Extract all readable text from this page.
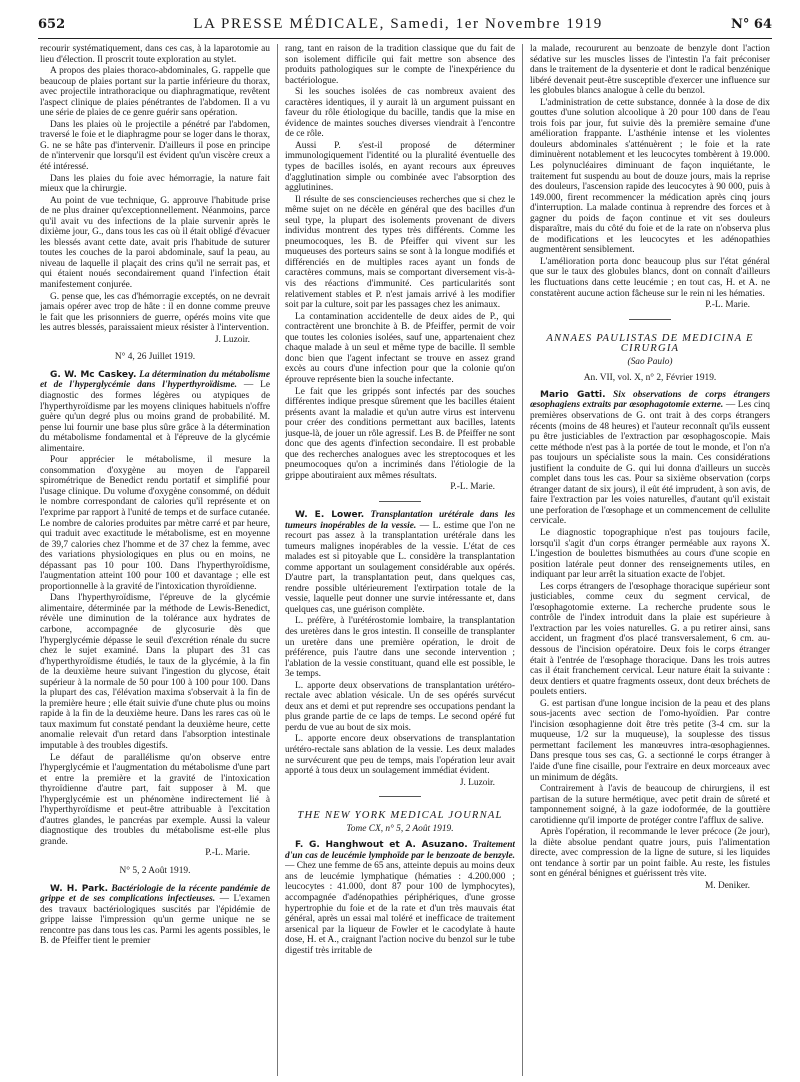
652	LA PRESSE MÉDICALE, Samedi, 1er Novembre 1919	N° 64

recourir systématiquement, dans ces cas, à la laparotomie au lieu d'élection. Il proscrit toute exploration au stylet.

A propos des plaies thoraco-abdominales, G. rappelle que beaucoup de plaies portant sur la partie inférieure du thorax, avec projectile intrathoracique ou diaphragmatique, revêtent l'aspect clinique de plaies pénétrantes de l'abdomen. Il a vu une série de plaies de ce genre guérir sans opération.

Dans les plaies où le projectile a pénétré par l'abdomen, traversé le foie et le diaphragme pour se loger dans le thorax, G. ne se hâte pas d'intervenir. D'ailleurs il pose en principe de n'intervenir que lorsqu'il est évident qu'un viscère creux a été intéressé.

Dans les plaies du foie avec hémorragie, la nature fait mieux que la chirurgie.

Au point de vue technique, G. approuve l'habitude prise de ne plus drainer qu'exceptionnellement. Néanmoins, parce qu'il avait vu des infections de la plaie survenir après le dixième jour, G., dans tous les cas où il était obligé d'évacuer les blessés avant cette date, avait pris l'habitude de suturer toutes les couches de la paroi abdominale, sauf la peau, au niveau de laquelle il plaçait des crins qu'il ne serrait pas, et qui étaient noués secondairement quand l'infection était manifestement conjurée.

G. pense que, les cas d'hémorragie exceptés, on ne devrait jamais opérer avec trop de hâte : il en donne comme preuve le fait que les prisonniers de guerre, opérés moins vite que les autres blessés, paraissaient mieux résister à l'intervention.

J. Luzoir.

N° 4, 26 Juillet 1919.

G. W. Mc Caskey. La détermination du métabolisme et de l'hyperglycémie dans l'hyperthyroïdisme. — Le diagnostic des formes légères ou atypiques de l'hyperthyroïdisme par les moyens cliniques habituels n'offre guère qu'un degré plus ou moins grand de probabilité. M. pense lui fournir une base plus sûre grâce à la détermination du métabolisme fondamental et à l'épreuve de la glycémie alimentaire.

Pour apprécier le métabolisme, il mesure la consommation d'oxygène au moyen de l'appareil spirométrique de Benedict rendu portatif et simplifié pour l'usage clinique. Du volume d'oxygène consommé, on déduit le nombre correspondant de calories qu'il représente et on l'exprime par rapport à l'unité de temps et de surface cutanée. Le nombre de calories produites par mètre carré et par heure, qui traduit avec exactitude le métabolisme, est en moyenne de 39,7 calories chez l'homme et de 37 chez la femme, avec des variations physiologiques en plus ou en moins, ne dépassant pas 10 pour 100. Dans l'hyperthyroïdisme, l'augmentation atteint 100 pour 100 et davantage ; elle est proportionnelle à la gravité de l'intoxication thyroïdienne.

Dans l'hyperthyroïdisme, l'épreuve de la glycémie alimentaire, déterminée par la méthode de Lewis-Benedict, révèle une diminution de la tolérance aux hydrates de carbone, accompagnée de glycosurie dès que l'hyperglycémie dépasse le seuil d'excrétion rénale du sucre chez le sujet examiné. Dans la plupart des 31 cas d'hyperthyroïdisme étudiés, le taux de la glycémie, à la fin de la deuxième heure suivant l'ingestion du glycose, était supérieur à la normale de 50 pour 100 à 100 pour 100. Dans la plupart des cas, l'élévation maxima s'observait à la fin de la première heure ; elle était suivie d'une chute plus ou moins rapide à la fin de la deuxième heure. Dans les rares cas où le taux maximum fut constaté pendant la deuxième heure, cette anomalie relevait d'un retard dans l'absorption intestinale imputable à des troubles digestifs.

Le défaut de parallélisme qu'on observe entre l'hyperglycémie et l'augmentation du métabolisme d'une part et entre la première et la gravité de l'intoxication thyroïdienne d'autre part, fait supposer à M. que l'hyperglycémie est un phénomène indirectement lié à l'hyperthyroïdisme et peut-être attribuable à l'excitation d'autres glandes, le pancréas par exemple. Aussi la valeur diagnostique des troubles du métabolisme est-elle plus grande.

P.-L. Marie.

N° 5, 2 Août 1919.

W. H. Park. Bactériologie de la récente pandémie de grippe et de ses complications infectieuses. — L'examen des travaux bactériologiques suscités par l'épidémie de grippe laisse l'impression qu'un germe unique ne se rencontre pas dans tous les cas. Parmi les agents possibles, le B. de Pfeiffer tient le premier

rang, tant en raison de la tradition classique que du fait de son isolement difficile qui fait mettre son absence des produits pathologiques sur le compte de l'inexpérience du bactériologue.

Si les souches isolées de cas nombreux avaient des caractères identiques, il y aurait là un argument puissant en faveur du rôle étiologique du bacille, tandis que la mise en évidence de maintes souches diverses viendrait à l'encontre de ce rôle.

Aussi P. s'est-il proposé de déterminer immunologiquement l'identité ou la pluralité éventuelle des types de bacilles isolés, en ayant recours aux épreuves d'agglutination simple ou combinée avec l'absorption des agglutinines.

Il résulte de ses consciencieuses recherches que si chez le même sujet on ne décèle en général que des bacilles d'un seul type, la plupart des isolements provenant de divers individus montrent des types très différents. Comme les pneumocoques, les B. de Pfeiffer qui vivent sur les muqueuses des porteurs sains se sont à la longue modifiés et différenciés en de multiples races ayant un fonds de caractères communs, mais se comportant diversement vis-à-vis des réactions d'immunité. Ces particularités sont relativement stables et P. n'est jamais arrivé à les modifier soit par la culture, soit par les passages chez les animaux.

La contamination accidentelle de deux aides de P., qui contractèrent une bronchite à B. de Pfeiffer, permit de voir que toutes les colonies isolées, sauf une, appartenaient chez chaque malade à un seul et même type de bacille. Il semble donc bien que l'agent infectant se trouve en assez grand excès au cours d'une infection pour que la colonie qu'on éprouve représente bien la souche infectante.

Le fait que les grippés sont infectés par des souches différentes indique presque sûrement que les bacilles étaient présents avant la maladie et qu'un autre virus est intervenu pour créer des conditions permettant aux bacilles, latents jusque-là, de jouer un rôle agressif. Les B. de Pfeiffer ne sont donc que des agents d'infection secondaire. Il est probable que des recherches analogues avec les streptocoques et les pneumocoques qu'on a incriminés dans l'étiologie de la grippe aboutiraient aux mêmes résultats.

P.-L. Marie.

W. E. Lower. Transplantation urétérale dans les tumeurs inopérables de la vessie. — L. estime que l'on ne recourt pas assez à la transplantation urétérale dans les tumeurs malignes inopérables de la vessie. L'état de ces malades est si pitoyable que L. considère la transplantation comme apportant un soulagement considérable aux opérés. D'autre part, la transplantation peut, dans quelques cas, rendre possible ultérieurement l'extirpation totale de la vessie, laquelle peut donner une survie intéressante et, dans quelques cas, une guérison complète.

L. préfère, à l'urétérostomie lombaire, la transplantation des uretères dans le gros intestin. Il conseille de transplanter un uretère dans une première opération, le droit de préférence, puis l'autre dans une seconde intervention ; l'ablation de la vessie constituant, quand elle est possible, le 3e temps.

L. apporte deux observations de transplantation urétéro-rectale avec ablation vésicale. Un de ses opérés survécut deux ans et demi et put reprendre ses occupations pendant la plus grande partie de ce laps de temps. Le second opéré fut perdu de vue au bout de six mois.

L. apporte encore deux observations de transplantation urétéro-rectale sans ablation de la vessie. Les deux malades ne survécurent que peu de temps, mais l'opération leur avait apporté à tous deux un soulagement immédiat évident.

J. Luzoir.

THE NEW YORK MEDICAL JOURNAL

Tome CX, n° 5, 2 Août 1919.

F. G. Hanghwout et A. Asuzano. Traitement d'un cas de leucémie lymphoïde par le benzoate de benzyle. — Chez une femme de 65 ans, atteinte depuis au moins deux ans de leucémie lymphatique (hématies : 4.200.000 ; leucocytes : 41.000, dont 87 pour 100 de lymphocytes), accompagnée d'adénopathies périphériques, d'une grosse hypertrophie du foie et de la rate et d'un très mauvais état général, après un essai mal toléré et inefficace de traitement arsenical par la liqueur de Fowler et le cacodylate à haute dose, H. et A., craignant l'action nocive du benzol sur le tube digestif très irritable de

la malade, recoururent au benzoate de benzyle dont l'action sédative sur les muscles lisses de l'intestin l'a fait préconiser dans le traitement de la dysenterie et dont le radical benzénique libéré devenait peut-être susceptible d'exercer une influence sur les globules blancs analogue à celle du benzol.

L'administration de cette substance, donnée à la dose de dix gouttes d'une solution alcoolique à 20 pour 100 dans de l'eau trois fois par jour, fut suivie dès la première semaine d'une amélioration frappante. L'asthénie intense et les violentes douleurs abdominales s'atténuèrent ; le foie et la rate diminuèrent notablement et les leucocytes tombèrent à 19.000. Les polynucléaires diminuant de façon inquiétante, le traitement fut suspendu au bout de douze jours, mais la reprise des douleurs, l'ascension rapide des leucocytes à 90 000, puis à 149.000, firent recommencer la médication après cinq jours d'interruption. La malade continua à reprendre des forces et à gagner du poids de façon continue et vit ses douleurs disparaître, mais du côté du foie et de la rate on n'observa plus de modifications et les leucocytes et les adénopathies augmentèrent sensiblement.

L'amélioration porta donc beaucoup plus sur l'état général que sur le taux des globules blancs, dont on connaît d'ailleurs les fluctuations dans cette leucémie ; en tout cas, H. et A. ne constatèrent aucune action fâcheuse sur le rein ni les hématies.

P.-L. Marie.

ANNAES PAULISTAS DE MEDICINA E CIRURGIA

(Sao Paulo)

An. VII, vol. X, n° 2, Février 1919.

Mario Gatti. Six observations de corps étrangers œsophagiens extraits par œsophagotomie externe. — Les cinq premières observations de G. ont trait à des corps étrangers récents (moins de 48 heures) et l'auteur reconnaît qu'ils eussent pu être justiciables de l'extraction par œsophagoscopie. Mais cette méthode n'est pas à la portée de tout le monde, et l'on n'a pas toujours un spécialiste sous la main. Ces considérations justifient la conduite de G. qui lui donna d'ailleurs un succès complet dans tous les cas. Pour sa sixième observation (corps étranger datant de six jours), il eût été imprudent, à son avis, de faire l'extraction par les voies naturelles, d'autant qu'il existait une perforation de l'œsophage et un commencement de cellulite cervicale.

Le diagnostic topographique n'est pas toujours facile, lorsqu'il s'agit d'un corps étranger perméable aux rayons X. L'ingestion de boulettes bismuthées au cours d'une scopie en position latérale peut donner des renseignements utiles, en indiquant par leur arrêt la situation exacte de l'objet.

Les corps étrangers de l'œsophage thoracique supérieur sont justiciables, comme ceux du segment cervical, de l'œsophagotomie externe. La recherche prudente sous le contrôle de l'index introduit dans la plaie est supérieure à l'extraction par les voies naturelles. G. a pu retirer ainsi, sans accident, un fragment d'os placé transversalement, 6 cm. au-dessous de l'incision opératoire. Deux fois le corps étranger était à l'entrée de l'œsophage thoracique. Dans les trois autres cas il était franchement cervical. Leur nature était la suivante : deux dentiers et quatre fragments osseux, dont deux bréchets de poulets entiers.

G. est partisan d'une longue incision de la peau et des plans sous-jacents avec section de l'omo-hyoïdien. Par contre l'incision œsophagienne doit être très petite (3-4 cm. sur la muqueuse, 1/2 sur la muqueuse), la souplesse des tissus permettant facilement les manœuvres intra-œsophagiennes. Dans presque tous ses cas, G. a sectionné le corps étranger à l'aide d'une fine cisaille, pour l'extraire en deux morceaux avec un minimum de dégâts.

Contrairement à l'avis de beaucoup de chirurgiens, il est partisan de la suture hermétique, avec petit drain de sûreté et tamponnement soigné, à la gaze iodoformée, de la gouttière carotidienne qu'il importe de protéger contre l'afflux de salive.

Après l'opération, il recommande le lever précoce (2e jour), la diète absolue pendant quatre jours, puis l'alimentation directe, avec compression de la ligne de suture, si les liquides ont tendance à sortir par un point faible. Au reste, les fistules sont en général bénignes et guérissent très vite.

M. Deniker.
